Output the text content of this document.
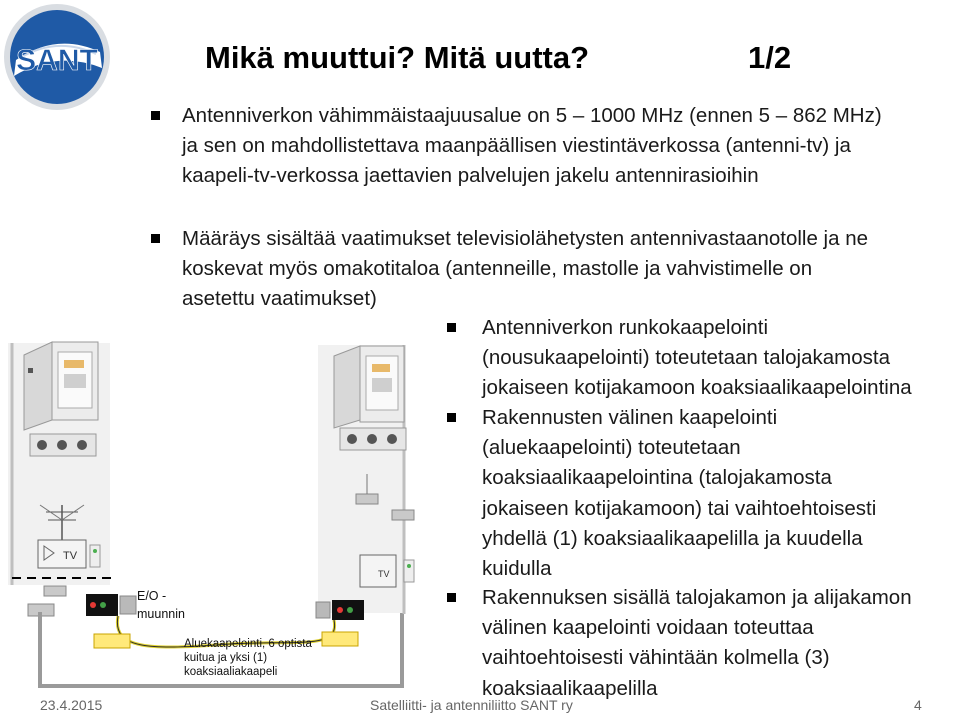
SANT	Mikä muuttui? Mitä uutta?	1/2
Antenniverkon vähimmäistaajuusalue on 5 – 1000 MHz (ennen 5 – 862 MHz)
ja sen on mahdollistettava maanpäällisen viestintäverkossa (antenni-tv) ja
kaapeli-tv-verkossa jaettavien palvelujen jakelu antennirasioihin
Määräys sisältää vaatimukset televisiolähetysten antennivastaanotolle ja ne
koskevat myös omakotitaloa (antenneille, mastolle ja vahvistimelle on
asetettu vaatimukset)
Antenniverkon runkokaapelointi
(nousukaapelointi) toteutetaan talojakamosta
jokaiseen kotijakamoon koaksiaalikaapelointina
Rakennusten välinen kaapelointi
(aluekaapelointi) toteutetaan
koaksiaalikaapelointina (talojakamosta
jokaiseen kotijakamoon) tai vaihtoehtoisesti
yhdellä (1) koaksiaalikaapelilla ja kuudella
kuidulla
Rakennuksen sisällä talojakamon ja alijakamon
välinen kaapelointi voidaan toteuttaa
vaihtoehtoisesti vähintään kolmella (3)
koaksiaalikaapelilla
TV
TV
E/O -
muunnin
Aluekaapelointi, 6 optista
kuitua ja yksi (1)
koaksiaaliakaapeli
23.4.2015	Satelliitti- ja antenniliitto SANT ry	4
